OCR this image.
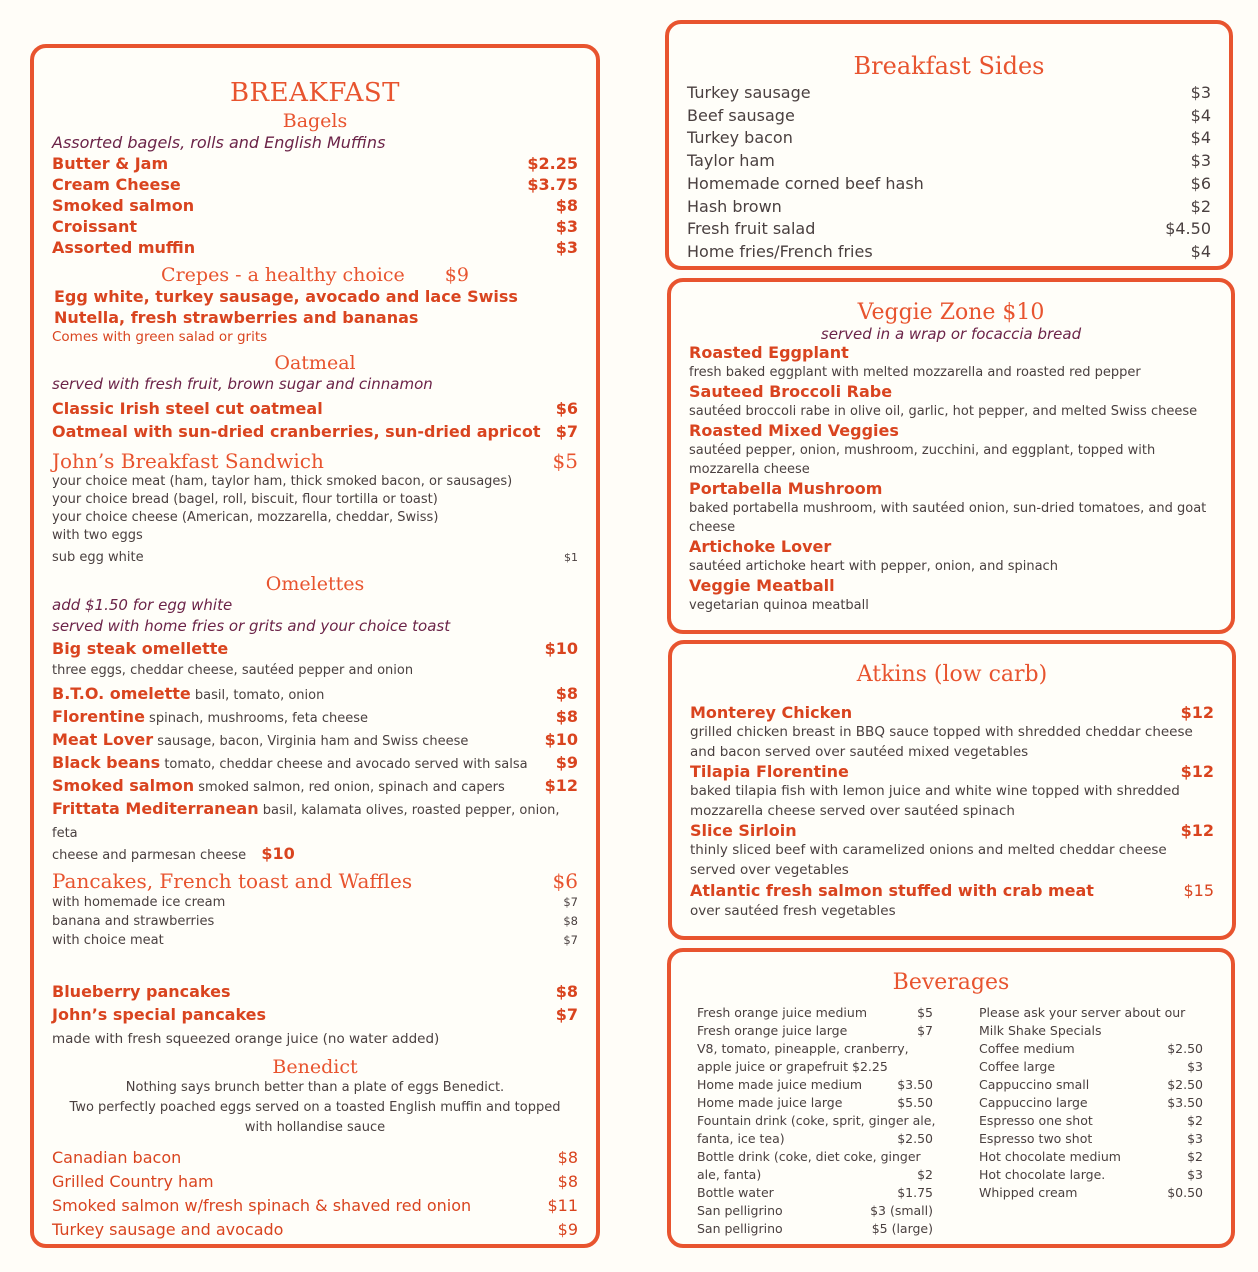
BREAKFAST
Bagels
Assorted bagels, rolls and English Muffins
Butter & Jam	$2.25
Cream Cheese	$3.75
Smoked salmon	$8
Croissant	$3
Assorted muffin	$3
Crepes - a healthy choice $9
Egg white, turkey sausage, avocado and lace Swiss
Nutella, fresh strawberries and bananas
Comes with green salad or grits
Oatmeal
served with fresh fruit, brown sugar and cinnamon
Classic Irish steel cut oatmeal	$6
Oatmeal with sun-dried cranberries, sun-dried apricot $7
John’s Breakfast Sandwich	$5
your choice meat (ham, taylor ham, thick smoked bacon, or sausages)
your choice bread (bagel, roll, biscuit, flour tortilla or toast)
your choice cheese (American, mozzarella, cheddar, Swiss)
with two eggs
sub egg white	$1
Omelettes
add $1.50 for egg white
served with home fries or grits and your choice toast
Big steak omellette	$10
three eggs, cheddar cheese, sautéed pepper and onion
B.T.O. omelette basil, tomato, onion	$8
Florentine spinach, mushrooms, feta cheese	$8
Meat Lover sausage, bacon, Virginia ham and Swiss cheese	$10
Black beans tomato, cheddar cheese and avocado served with salsa $9
Smoked salmon smoked salmon, red onion, spinach and capers $12
Frittata Mediterranean basil, kalamata olives, roasted pepper, onion, feta
cheese and parmesan cheese $10
Pancakes, French toast and Waffles	$6
with homemade ice cream	$7
banana and strawberries	$8
with choice meat	$7
Blueberry pancakes	$8
John’s special pancakes	$7
made with fresh squeezed orange juice (no water added)
Benedict
Nothing says brunch better than a plate of eggs Benedict.
Two perfectly poached eggs served on a toasted English muffin and topped
with hollandise sauce
Canadian bacon	$8
Grilled Country ham	$8
Smoked salmon w/fresh spinach & shaved red onion	$11
Turkey sausage and avocado	$9
Breakfast Sides
Turkey sausage	$3
Beef sausage	$4
Turkey bacon	$4
Taylor ham	$3
Homemade corned beef hash	$6
Hash brown	$2
Fresh fruit salad	$4.50
Home fries/French fries	$4
Veggie Zone $10
served in a wrap or focaccia bread
Roasted Eggplant
fresh baked eggplant with melted mozzarella and roasted red pepper
Sauteed Broccoli Rabe
sautéed broccoli rabe in olive oil, garlic, hot pepper, and melted Swiss cheese
Roasted Mixed Veggies
sautéed pepper, onion, mushroom, zucchini, and eggplant, topped with mozzarella cheese
Portabella Mushroom
baked portabella mushroom, with sautéed onion, sun-dried tomatoes, and goat cheese
Artichoke Lover
sautéed artichoke heart with pepper, onion, and spinach
Veggie Meatball
vegetarian quinoa meatball
Atkins (low carb)
Monterey Chicken	$12
grilled chicken breast in BBQ sauce topped with shredded cheddar cheese and bacon served over sautéed mixed vegetables
Tilapia Florentine	$12
baked tilapia fish with lemon juice and white wine topped with shredded mozzarella cheese served over sautéed spinach
Slice Sirloin	$12
thinly sliced beef with caramelized onions and melted cheddar cheese served over vegetables
Atlantic fresh salmon stuffed with crab meat	$15
over sautéed fresh vegetables
Beverages
Fresh orange juice medium	$5
Fresh orange juice large	$7
V8, tomato, pineapple, cranberry,
apple juice or grapefruit $2.25
Home made juice medium	$3.50
Home made juice large	$5.50
Fountain drink (coke, sprit, ginger ale,
fanta, ice tea)	$2.50
Bottle drink (coke, diet coke, ginger
ale, fanta)	$2
Bottle water	$1.75
San pelligrino	$3 (small)
San pelligrino	$5 (large)
Please ask your server about our
Milk Shake Specials
Coffee medium	$2.50
Coffee large	$3
Cappuccino small	$2.50
Cappuccino large	$3.50
Espresso one shot	$2
Espresso two shot	$3
Hot chocolate medium	$2
Hot chocolate large.	$3
Whipped cream	$0.50
